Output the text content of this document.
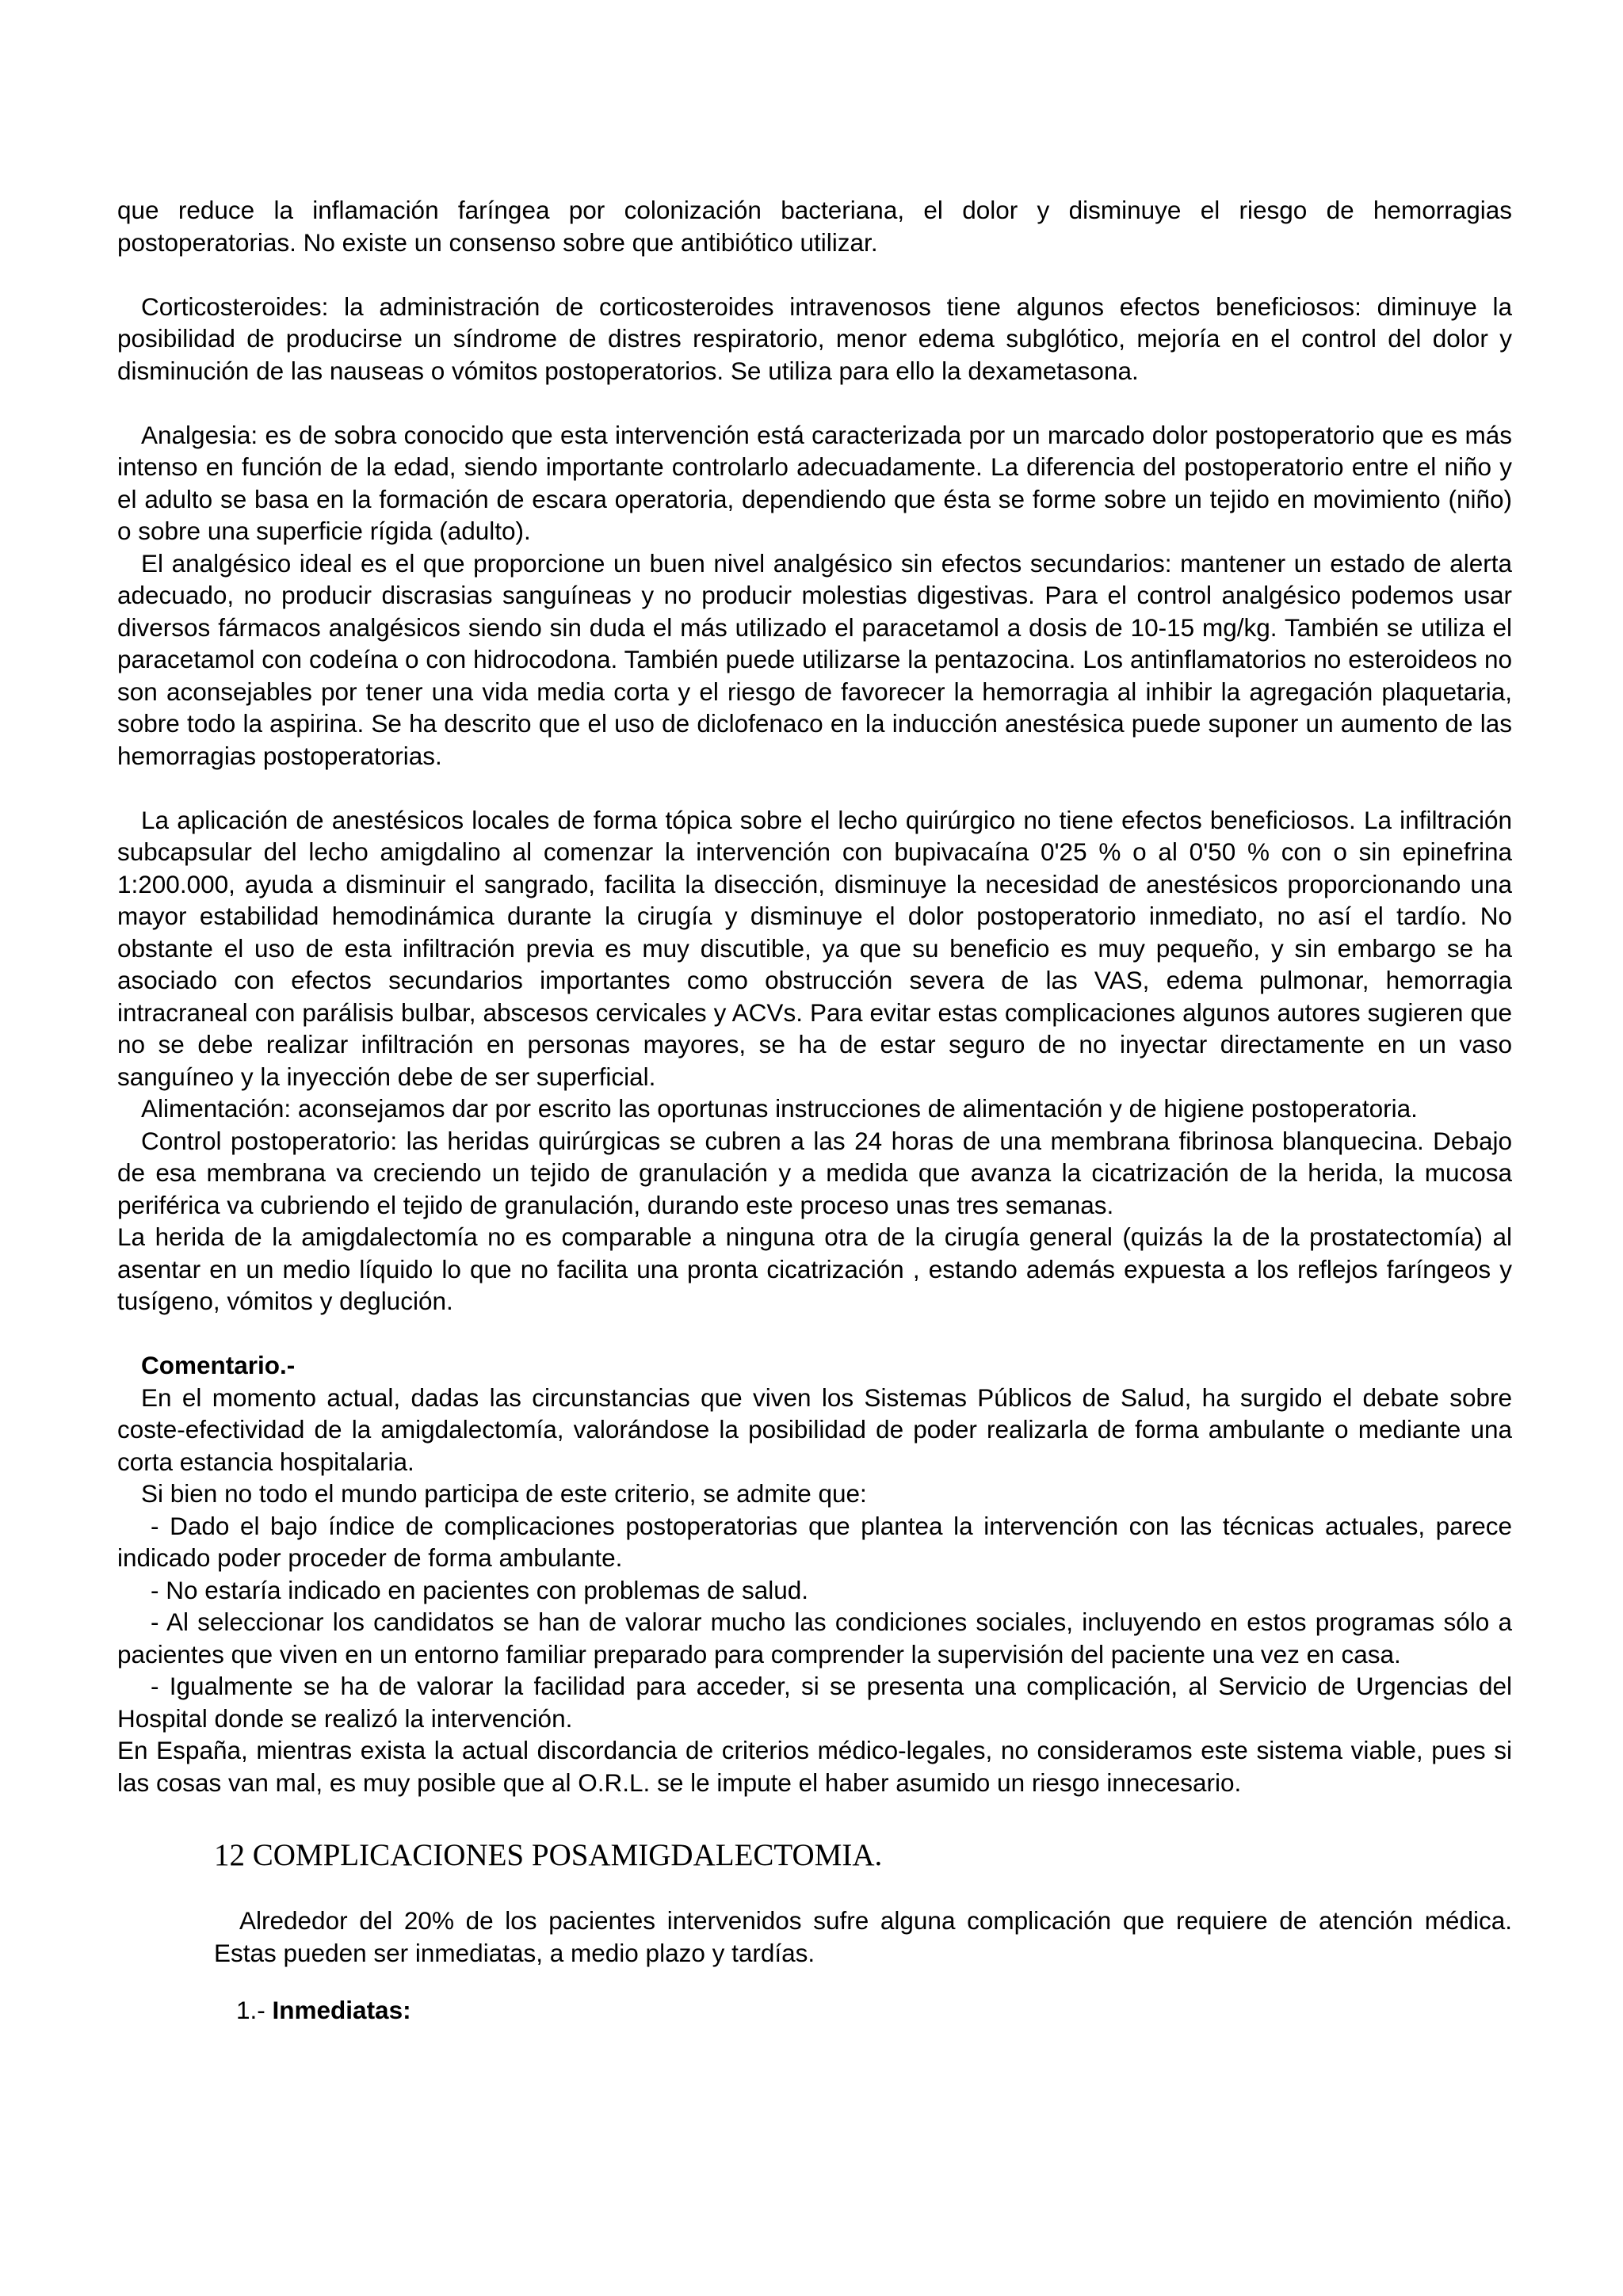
que reduce la inflamación faríngea por colonización bacteriana, el dolor y disminuye el riesgo de hemorragias postoperatorias. No existe un consenso sobre que antibiótico utilizar.

Corticosteroides: la administración de corticosteroides intravenosos tiene algunos efectos beneficiosos: diminuye la posibilidad de producirse un síndrome de distres respiratorio, menor edema subglótico, mejoría en el control del dolor y disminución de las nauseas o vómitos postoperatorios. Se utiliza para ello la dexametasona.

Analgesia: es de sobra conocido que esta intervención está caracterizada por un marcado dolor postoperatorio que es más intenso en función de la edad, siendo importante controlarlo adecuadamente. La diferencia del postoperatorio entre el niño y el adulto se basa en la formación de escara operatoria, dependiendo que ésta se forme sobre un tejido en movimiento (niño) o sobre una superficie rígida (adulto).

El analgésico ideal es el que proporcione un buen nivel analgésico sin efectos secundarios: mantener un estado de alerta adecuado, no producir discrasias sanguíneas y no producir molestias digestivas. Para el control analgésico podemos usar diversos fármacos analgésicos siendo sin duda el más utilizado el paracetamol a dosis de 10-15 mg/kg. También se utiliza el paracetamol con codeína o con hidrocodona. También puede utilizarse la pentazocina. Los antinflamatorios no esteroideos no son aconsejables por tener una vida media corta y el riesgo de favorecer la hemorragia al inhibir la agregación plaquetaria, sobre todo la aspirina. Se ha descrito que el uso de diclofenaco en la inducción anestésica puede suponer un aumento de las hemorragias postoperatorias.

La aplicación de anestésicos locales de forma tópica sobre el lecho quirúrgico no tiene efectos beneficiosos. La infiltración subcapsular del lecho amigdalino al comenzar la intervención con bupivacaína 0'25 % o al 0'50 % con o sin epinefrina 1:200.000, ayuda a disminuir el sangrado, facilita la disección, disminuye la necesidad de anestésicos proporcionando una mayor estabilidad hemodinámica durante la cirugía y disminuye el dolor postoperatorio inmediato, no así el tardío. No obstante el uso de esta infiltración previa es muy discutible, ya que su beneficio es muy pequeño, y sin embargo se ha asociado con efectos secundarios importantes como obstrucción severa de las VAS, edema pulmonar, hemorragia intracraneal con parálisis bulbar, abscesos cervicales y ACVs. Para evitar estas complicaciones algunos autores sugieren que no se debe realizar infiltración en personas mayores, se ha de estar seguro de no inyectar directamente en un vaso sanguíneo y la inyección debe de ser superficial.

Alimentación: aconsejamos dar por escrito las oportunas instrucciones de alimentación y de higiene postoperatoria.

Control postoperatorio: las heridas quirúrgicas se cubren a las 24 horas de una membrana fibrinosa blanquecina. Debajo de esa membrana va creciendo un tejido de granulación y a medida que avanza la cicatrización de la herida, la mucosa periférica va cubriendo el tejido de granulación, durando este proceso unas tres semanas.

La herida de la amigdalectomía no es comparable a ninguna otra de la cirugía general (quizás la de la prostatectomía) al asentar en un medio líquido lo que no facilita una pronta cicatrización , estando además expuesta a los reflejos faríngeos y tusígeno, vómitos y deglución.

Comentario.-

En el momento actual, dadas las circunstancias que viven los Sistemas Públicos de Salud, ha surgido el debate sobre coste-efectividad de la amigdalectomía, valorándose la posibilidad de poder realizarla de forma ambulante o mediante una corta estancia hospitalaria.

Si bien no todo el mundo participa de este criterio, se admite que:

- Dado el bajo índice de complicaciones postoperatorias que plantea la intervención con las técnicas actuales, parece indicado poder proceder de forma ambulante.

- No estaría indicado en pacientes con problemas de salud.

- Al seleccionar los candidatos se han de valorar mucho las condiciones sociales, incluyendo en estos programas sólo a pacientes que viven en un entorno familiar preparado para comprender la supervisión del paciente una vez en casa.

- Igualmente se ha de valorar la facilidad para acceder, si se presenta una complicación, al Servicio de Urgencias del Hospital donde se realizó la intervención.

En España, mientras exista la actual discordancia de criterios médico-legales, no consideramos este sistema viable, pues si las cosas van mal, es muy posible que al O.R.L. se le impute el haber asumido un riesgo innecesario.

12 COMPLICACIONES POSAMIGDALECTOMIA.

Alrededor del 20% de los pacientes intervenidos sufre alguna complicación que requiere de atención médica. Estas pueden ser inmediatas, a medio plazo y tardías.

1.- Inmediatas:
